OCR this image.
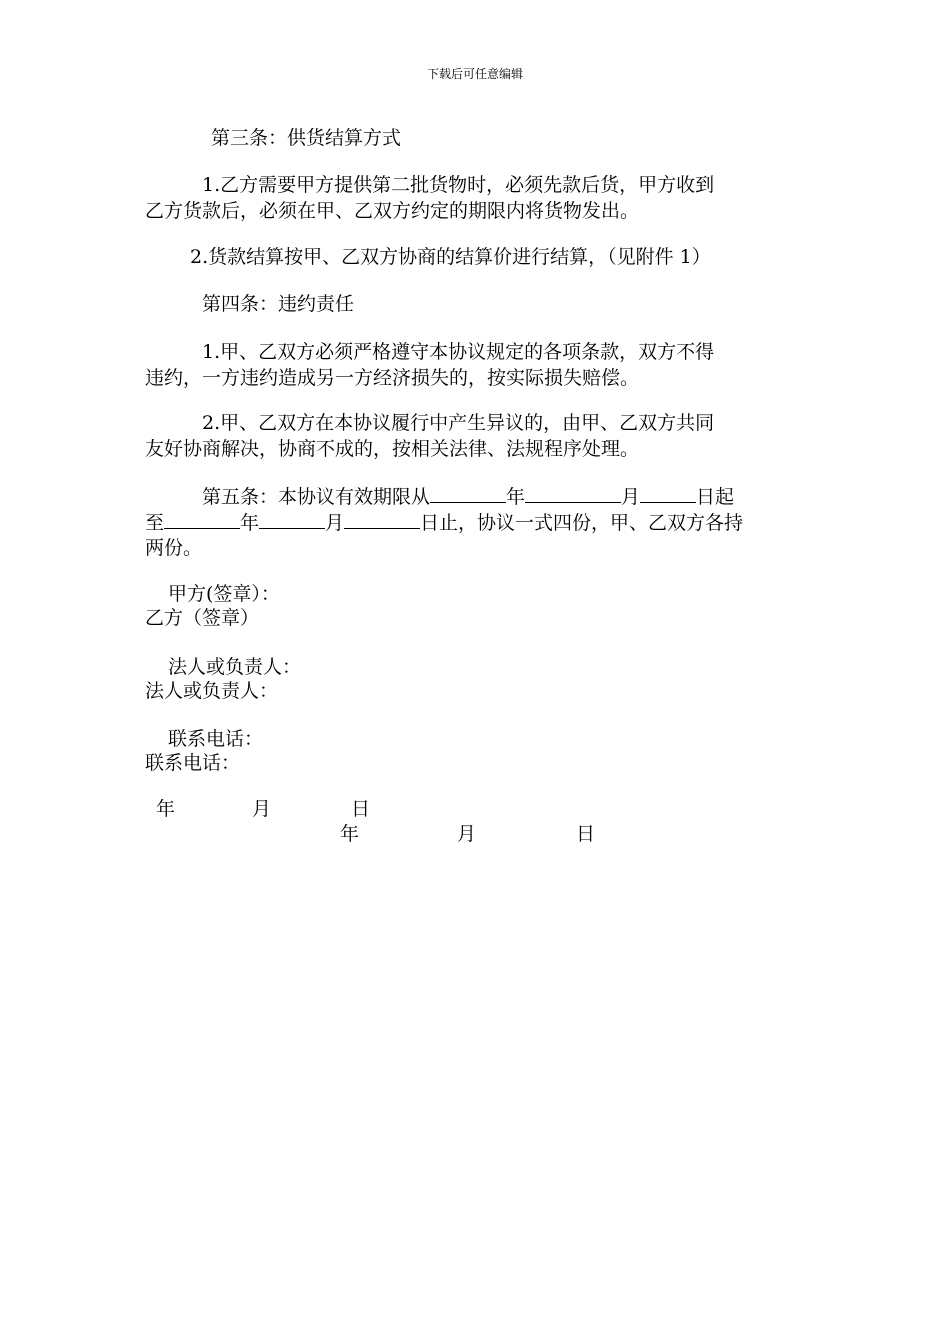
下载后可任意编辑
第三条：供货结算方式
1.乙方需要甲方提供第二批货物时，必须先款后货，甲方收到
乙方货款后，必须在甲、乙双方约定的期限内将货物发出。
2.货款结算按甲、乙双方协商的结算价进行结算，（见附件 1）
第四条：违约责任
1.甲、乙双方必须严格遵守本协议规定的各项条款，双方不得
违约，一方违约造成另一方经济损失的，按实际损失赔偿。
2.甲、乙双方在本协议履行中产生异议的，由甲、乙双方共同
友好协商解决，协商不成的，按相关法律、法规程序处理。
第五条：本协议有效期限从	年	月	日起
至	年	月	日止，协议一式四份，甲、乙双方各持
两份。
甲方(签章）：
乙方（签章）
法人或负责人：
法人或负责人：
联系电话：
联系电话：
年	月	日
年	月	日
